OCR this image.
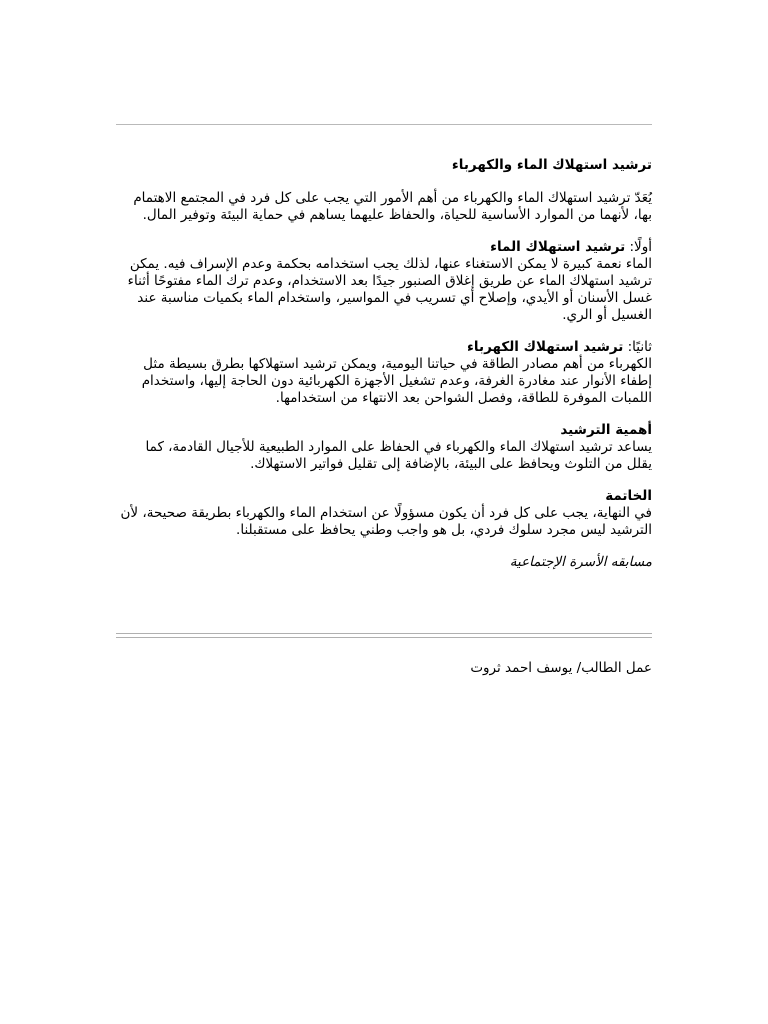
ترشيد استهلاك الماء والكهرباء

يُعَدّ ترشيد استهلاك الماء والكهرباء من أهم الأمور التي يجب على كل فرد في المجتمع الاهتمام بها، لأنهما من الموارد الأساسية للحياة، والحفاظ عليهما يساهم في حماية البيئة وتوفير المال.

أولًا: ترشيد استهلاك الماء

الماء نعمة كبيرة لا يمكن الاستغناء عنها، لذلك يجب استخدامه بحكمة وعدم الإسراف فيه. يمكن ترشيد استهلاك الماء عن طريق إغلاق الصنبور جيدًا بعد الاستخدام، وعدم ترك الماء مفتوحًا أثناء غسل الأسنان أو الأيدي، وإصلاح أي تسريب في المواسير، واستخدام الماء بكميات مناسبة عند الغسيل أو الري.

ثانيًا: ترشيد استهلاك الكهرباء

الكهرباء من أهم مصادر الطاقة في حياتنا اليومية، ويمكن ترشيد استهلاكها بطرق بسيطة مثل إطفاء الأنوار عند مغادرة الغرفة، وعدم تشغيل الأجهزة الكهربائية دون الحاجة إليها، واستخدام اللمبات الموفرة للطاقة، وفصل الشواحن بعد الانتهاء من استخدامها.

أهمية الترشيد

يساعد ترشيد استهلاك الماء والكهرباء في الحفاظ على الموارد الطبيعية للأجيال القادمة، كما يقلل من التلوث ويحافظ على البيئة، بالإضافة إلى تقليل فواتير الاستهلاك.

الخاتمة

في النهاية، يجب على كل فرد أن يكون مسؤولًا عن استخدام الماء والكهرباء بطريقة صحيحة، لأن الترشيد ليس مجرد سلوك فردي، بل هو واجب وطني يحافظ على مستقبلنا.

مسابقه الأسرة الإجتماعية

عمل الطالب/ يوسف احمد ثروت
